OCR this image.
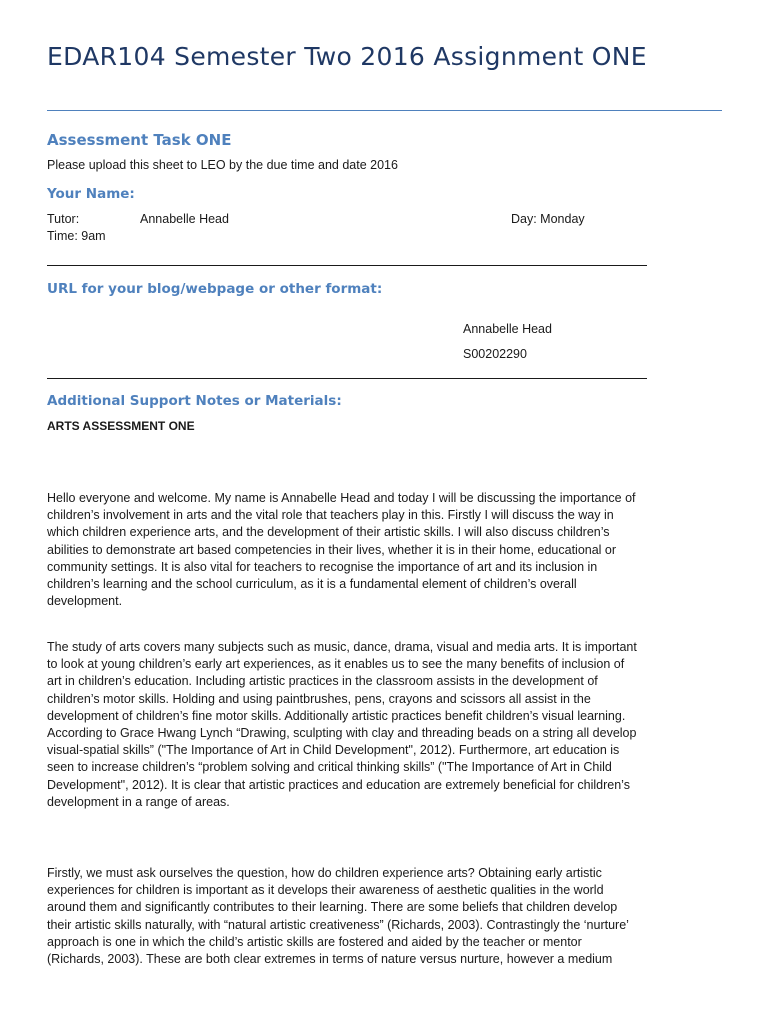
EDAR104 Semester Two 2016 Assignment ONE
Assessment Task ONE
Please upload this sheet to LEO by the due time and date 2016
Your Name:
Tutor:	Annabelle Head	Day: Monday
Time: 9am
URL for your blog/webpage or other format:
Annabelle Head
S00202290
Additional Support Notes or Materials:
ARTS ASSESSMENT ONE
Hello everyone and welcome. My name is Annabelle Head and today I will be discussing the importance of
children’s involvement in arts and the vital role that teachers play in this. Firstly I will discuss the way in
which children experience arts, and the development of their artistic skills. I will also discuss children’s
abilities to demonstrate art based competencies in their lives, whether it is in their home, educational or
community settings. It is also vital for teachers to recognise the importance of art and its inclusion in
children’s learning and the school curriculum, as it is a fundamental element of children’s overall
development.
The study of arts covers many subjects such as music, dance, drama, visual and media arts. It is important
to look at young children’s early art experiences, as it enables us to see the many benefits of inclusion of
art in children’s education. Including artistic practices in the classroom assists in the development of
children’s motor skills. Holding and using paintbrushes, pens, crayons and scissors all assist in the
development of children’s fine motor skills. Additionally artistic practices benefit children’s visual learning.
According to Grace Hwang Lynch “Drawing, sculpting with clay and threading beads on a string all develop
visual-spatial skills” ("The Importance of Art in Child Development", 2012). Furthermore, art education is
seen to increase children’s “problem solving and critical thinking skills” ("The Importance of Art in Child
Development", 2012). It is clear that artistic practices and education are extremely beneficial for children’s
development in a range of areas.
Firstly, we must ask ourselves the question, how do children experience arts? Obtaining early artistic
experiences for children is important as it develops their awareness of aesthetic qualities in the world
around them and significantly contributes to their learning. There are some beliefs that children develop
their artistic skills naturally, with “natural artistic creativeness” (Richards, 2003). Contrastingly the ‘nurture’
approach is one in which the child’s artistic skills are fostered and aided by the teacher or mentor
(Richards, 2003). These are both clear extremes in terms of nature versus nurture, however a medium
